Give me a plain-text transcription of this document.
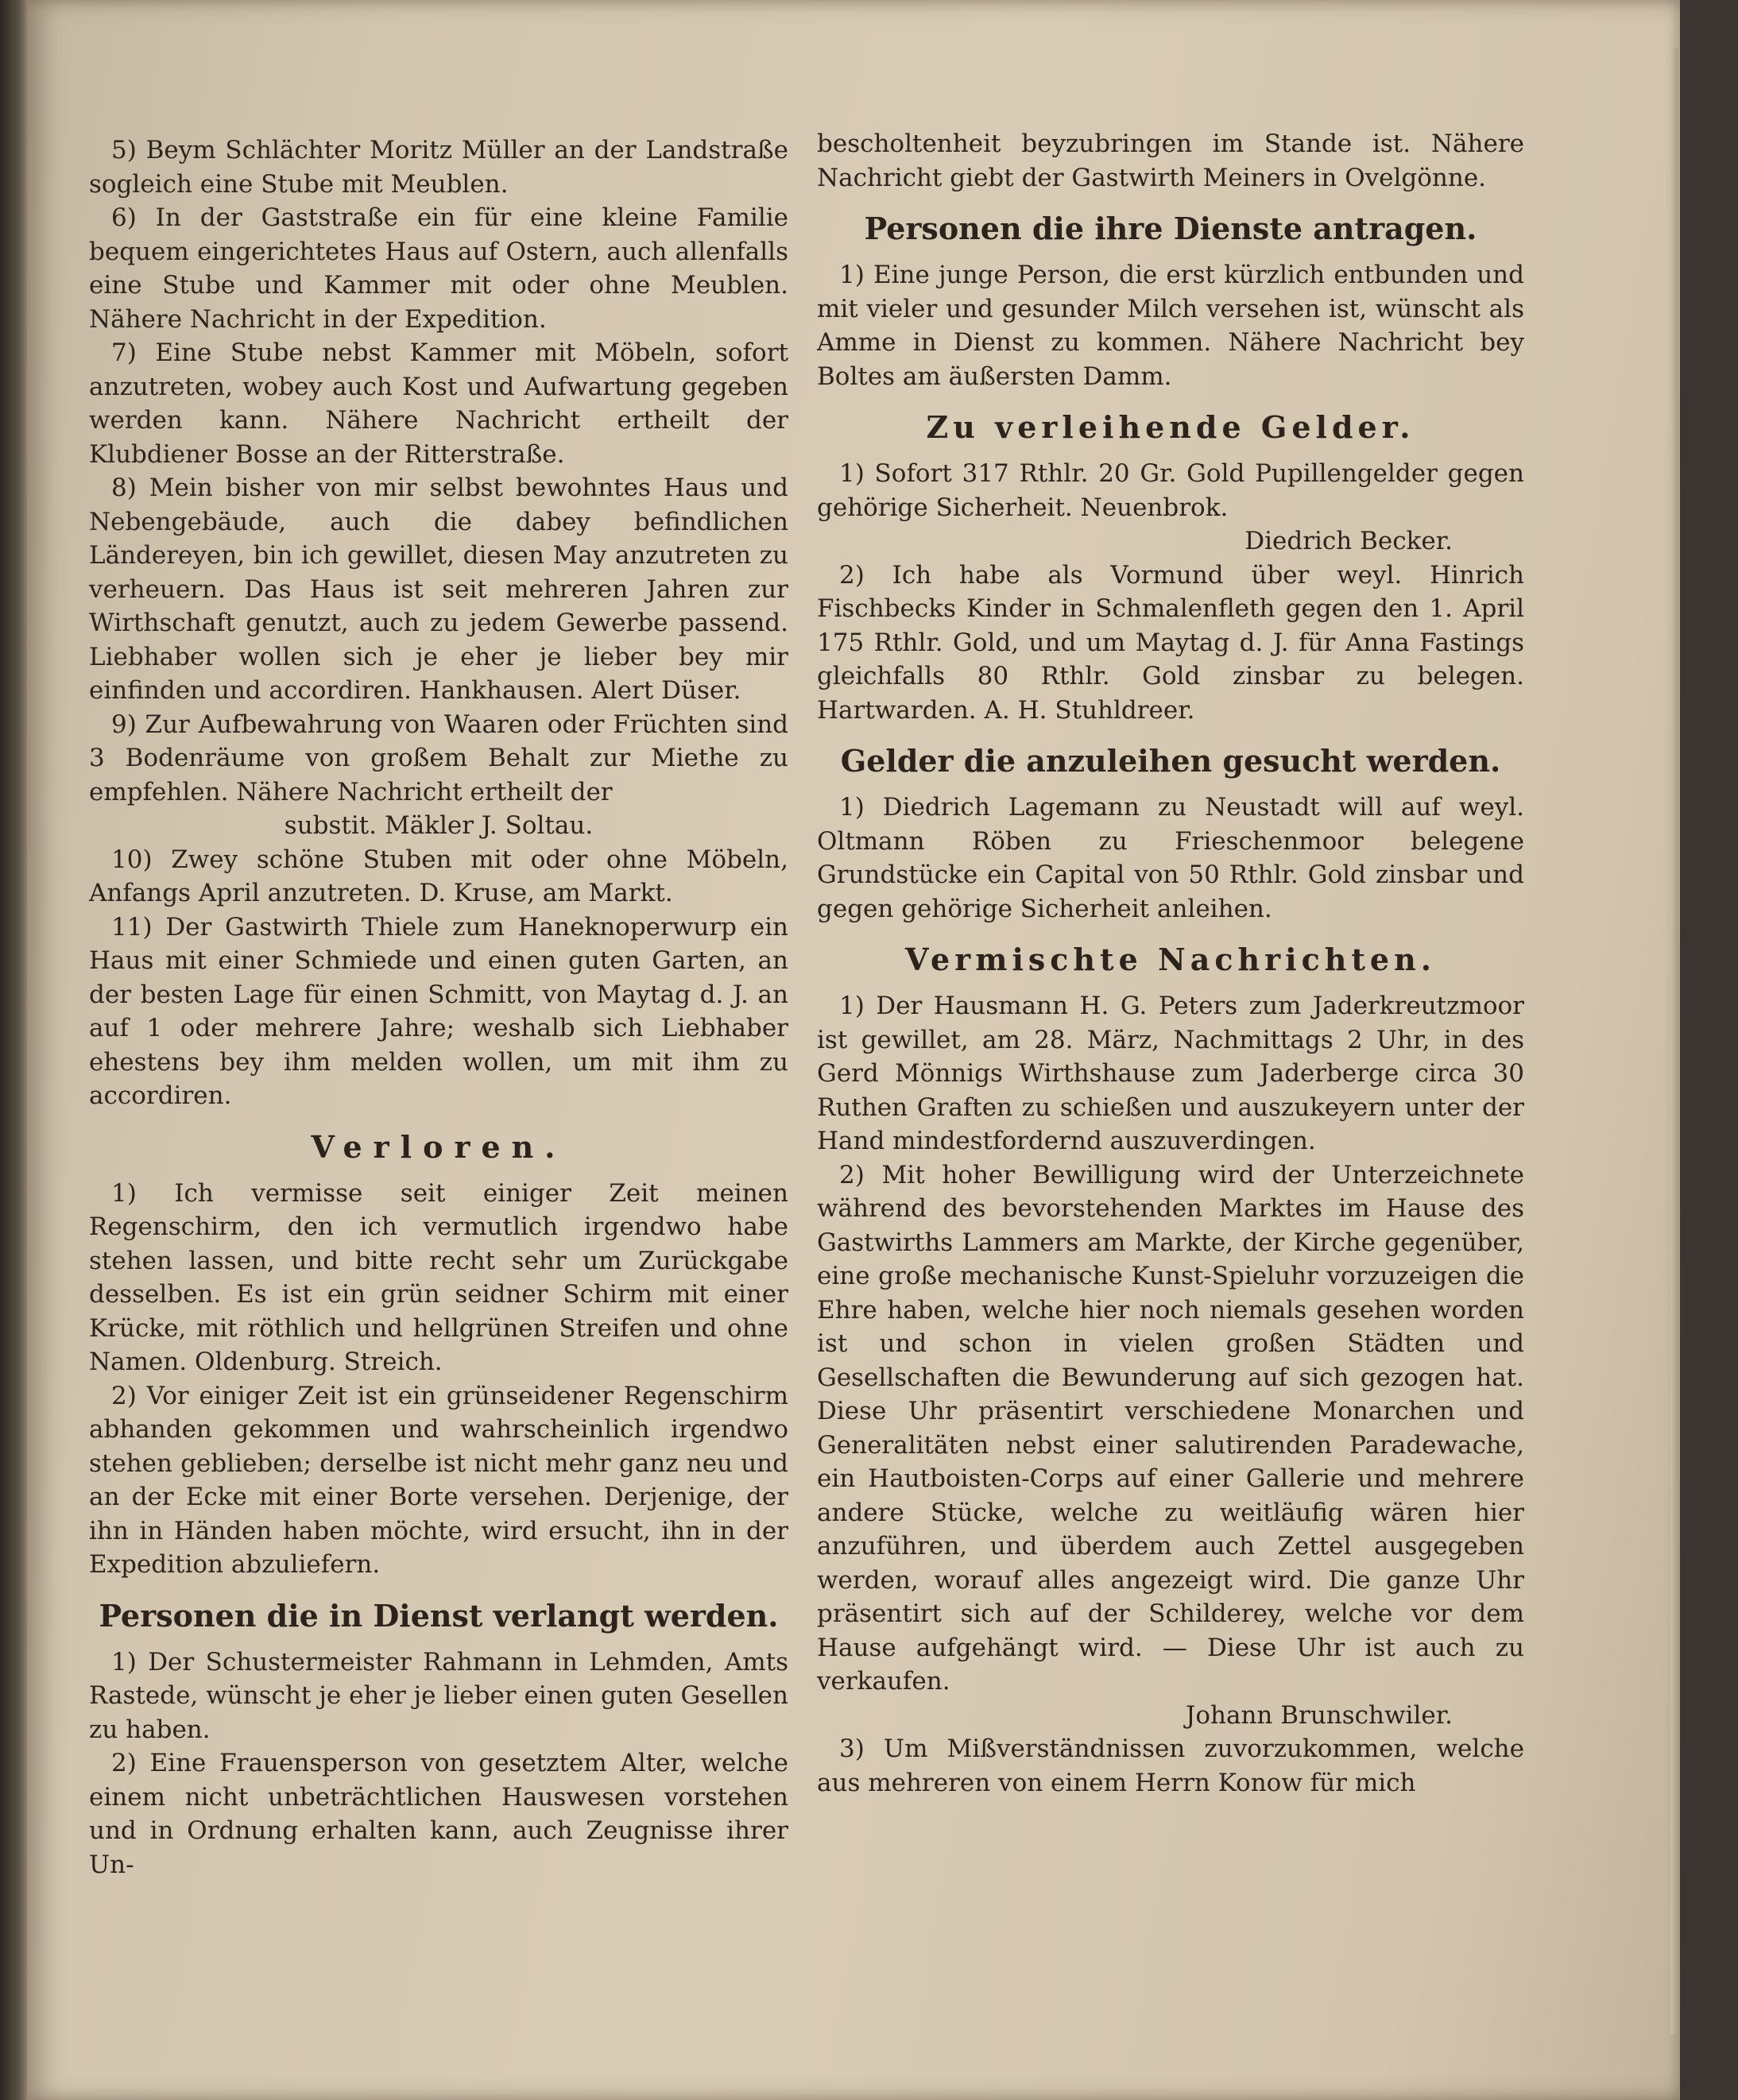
5) Beym Schlächter Moritz Müller an der Landstraße sogleich eine Stube mit Meublen.

6) In der Gaststraße ein für eine kleine Familie bequem eingerichtetes Haus auf Ostern, auch allenfalls eine Stube und Kammer mit oder ohne Meublen. Nähere Nachricht in der Expedition.

7) Eine Stube nebst Kammer mit Möbeln, sofort anzutreten, wobey auch Kost und Aufwartung gegeben werden kann. Nähere Nachricht ertheilt der Klubdiener Bosse an der Ritterstraße.

8) Mein bisher von mir selbst bewohntes Haus und Nebengebäude, auch die dabey befindlichen Ländereyen, bin ich gewillet, diesen May anzutreten zu verheuern. Das Haus ist seit mehreren Jahren zur Wirthschaft genutzt, auch zu jedem Gewerbe passend. Liebhaber wollen sich je eher je lieber bey mir einfinden und accordiren. Hankhausen. Alert Düser.

9) Zur Aufbewahrung von Waaren oder Früchten sind 3 Bodenräume von großem Behalt zur Miethe zu empfehlen. Nähere Nachricht ertheilt der

substit. Mäkler J. Soltau.

10) Zwey schöne Stuben mit oder ohne Möbeln, Anfangs April anzutreten. D. Kruse, am Markt.

11) Der Gastwirth Thiele zum Haneknoperwurp ein Haus mit einer Schmiede und einen guten Garten, an der besten Lage für einen Schmitt, von Maytag d. J. an auf 1 oder mehrere Jahre; weshalb sich Liebhaber ehestens bey ihm melden wollen, um mit ihm zu accordiren.

Verloren.

1) Ich vermisse seit einiger Zeit meinen Regenschirm, den ich vermutlich irgendwo habe stehen lassen, und bitte recht sehr um Zurückgabe desselben. Es ist ein grün seidner Schirm mit einer Krücke, mit röthlich und hellgrünen Streifen und ohne Namen. Oldenburg. Streich.

2) Vor einiger Zeit ist ein grünseidener Regenschirm abhanden gekommen und wahrscheinlich irgendwo stehen geblieben; derselbe ist nicht mehr ganz neu und an der Ecke mit einer Borte versehen. Derjenige, der ihn in Händen haben möchte, wird ersucht, ihn in der Expedition abzuliefern.

Personen die in Dienst verlangt werden.

1) Der Schustermeister Rahmann in Lehmden, Amts Rastede, wünscht je eher je lieber einen guten Gesellen zu haben.

2) Eine Frauensperson von gesetztem Alter, welche einem nicht unbeträchtlichen Hauswesen vorstehen und in Ordnung erhalten kann, auch Zeugnisse ihrer Un-

bescholtenheit beyzubringen im Stande ist. Nähere Nachricht giebt der Gastwirth Meiners in Ovelgönne.

Personen die ihre Dienste antragen.

1) Eine junge Person, die erst kürzlich entbunden und mit vieler und gesunder Milch versehen ist, wünscht als Amme in Dienst zu kommen. Nähere Nachricht bey Boltes am äußersten Damm.

Zu verleihende Gelder.

1) Sofort 317 Rthlr. 20 Gr. Gold Pupillengelder gegen gehörige Sicherheit. Neuenbrok.

Diedrich Becker.

2) Ich habe als Vormund über weyl. Hinrich Fischbecks Kinder in Schmalenfleth gegen den 1. April 175 Rthlr. Gold, und um Maytag d. J. für Anna Fastings gleichfalls 80 Rthlr. Gold zinsbar zu belegen. Hartwarden. A. H. Stuhldreer.

Gelder die anzuleihen gesucht werden.

1) Diedrich Lagemann zu Neustadt will auf weyl. Oltmann Röben zu Frieschenmoor belegene Grundstücke ein Capital von 50 Rthlr. Gold zinsbar und gegen gehörige Sicherheit anleihen.

Vermischte Nachrichten.

1) Der Hausmann H. G. Peters zum Jaderkreutzmoor ist gewillet, am 28. März, Nachmittags 2 Uhr, in des Gerd Mönnigs Wirthshause zum Jaderberge circa 30 Ruthen Graften zu schießen und auszukeyern unter der Hand mindestfordernd auszuverdingen.

2) Mit hoher Bewilligung wird der Unterzeichnete während des bevorstehenden Marktes im Hause des Gastwirths Lammers am Markte, der Kirche gegenüber, eine große mechanische Kunst-Spieluhr vorzuzeigen die Ehre haben, welche hier noch niemals gesehen worden ist und schon in vielen großen Städten und Gesellschaften die Bewunderung auf sich gezogen hat. Diese Uhr präsentirt verschiedene Monarchen und Generalitäten nebst einer salutirenden Paradewache, ein Hautboisten-Corps auf einer Gallerie und mehrere andere Stücke, welche zu weitläufig wären hier anzuführen, und überdem auch Zettel ausgegeben werden, worauf alles angezeigt wird. Die ganze Uhr präsentirt sich auf der Schilderey, welche vor dem Hause aufgehängt wird. — Diese Uhr ist auch zu verkaufen.

Johann Brunschwiler.

3) Um Mißverständnissen zuvorzukommen, welche aus mehreren von einem Herrn Konow für mich
